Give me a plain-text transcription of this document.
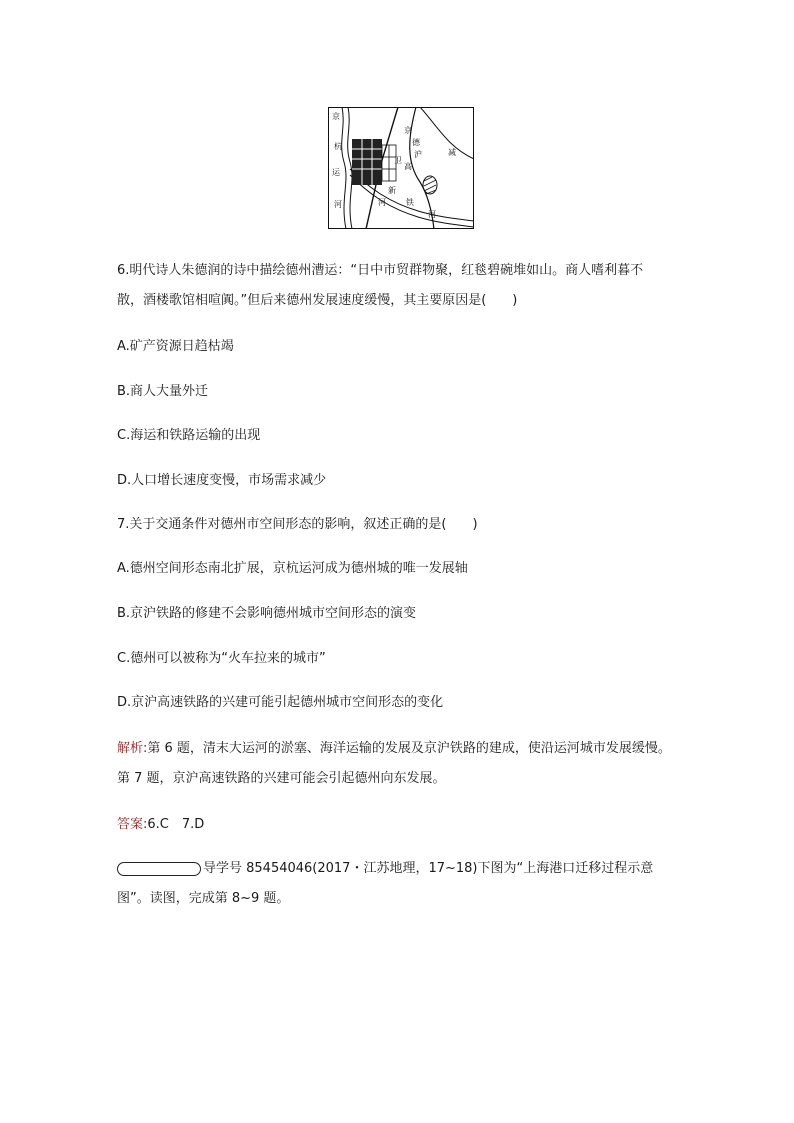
京
杭
运
河
京
德
沪
高
卫
新
河	铁
减
河
6.明代诗人朱德润的诗中描绘德州漕运：“日中市贸群物聚，红毯碧碗堆如山。商人嗜利暮不
散，酒楼歌馆相喧阗。”但后来德州发展速度缓慢，其主要原因是(　　)
A.矿产资源日趋枯竭
B.商人大量外迁
C.海运和铁路运输的出现
D.人口增长速度变慢，市场需求减少
7.关于交通条件对德州市空间形态的影响，叙述正确的是(　　)
A.德州空间形态南北扩展，京杭运河成为德州城的唯一发展轴
B.京沪铁路的修建不会影响德州城市空间形态的演变
C.德州可以被称为“火车拉来的城市”
D.京沪高速铁路的兴建可能引起德州城市空间形态的变化
解析:第 6 题，清末大运河的淤塞、海洋运输的发展及京沪铁路的建成，使沿运河城市发展缓慢。
第 7 题，京沪高速铁路的兴建可能会引起德州向东发展。
答案:6.C　7.D
导学号 85454046(2017・江苏地理，17~18)下图为“上海港口迁移过程示意
图”。读图，完成第 8~9 题。
